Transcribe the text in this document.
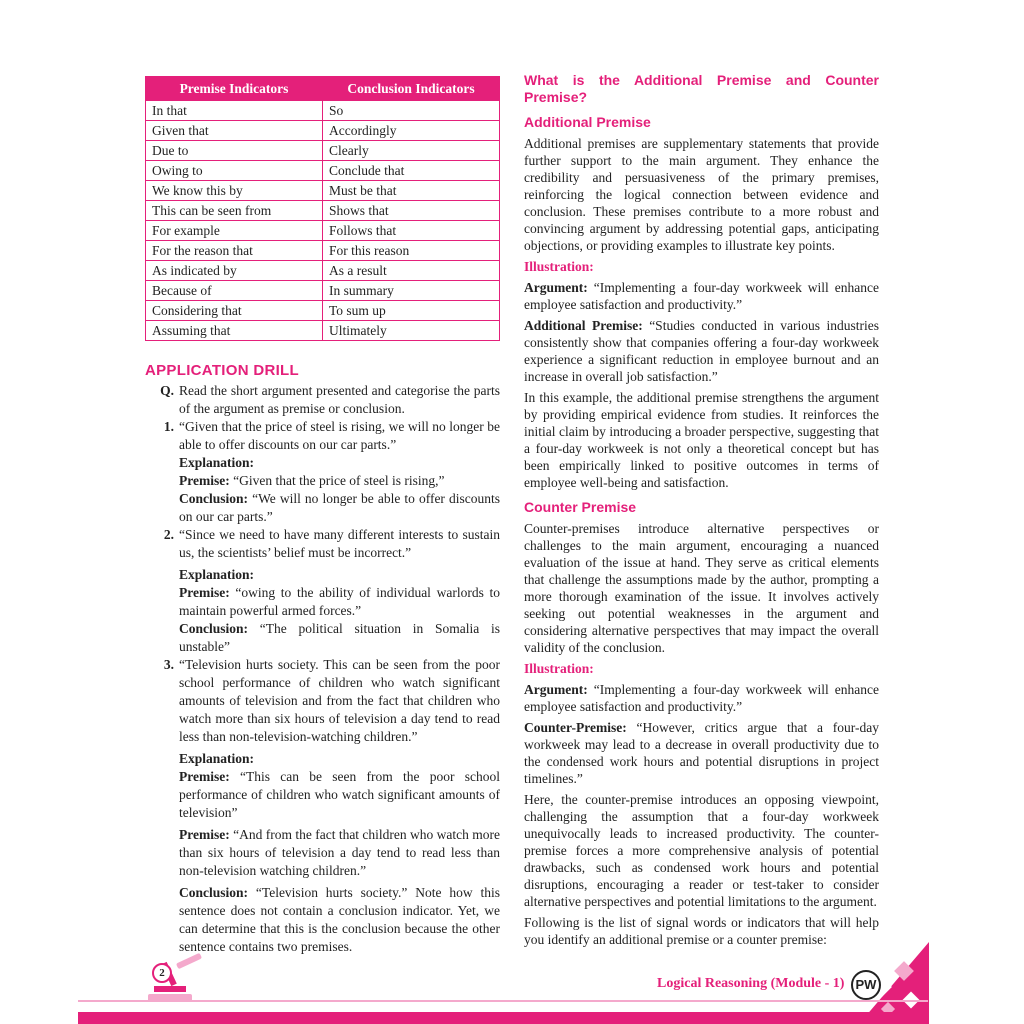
Premise Indicators	Conclusion Indicators
In that	So
Given that	Accordingly
Due to	Clearly
Owing to	Conclude that
We know this by	Must be that
This can be seen from	Shows that
For example	Follows that
For the reason that	For this reason
As indicated by	As a result
Because of	In summary
Considering that	To sum up
Assuming that	Ultimately
APPLICATION DRILL
Q. Read the short argument presented and categorise the parts of the argument as premise or conclusion.
1. “Given that the price of steel is rising, we will no longer be able to offer discounts on our car parts.”
Explanation:
Premise: “Given that the price of steel is rising,”
Conclusion: “We will no longer be able to offer discounts on our car parts.”
2. “Since we need to have many different interests to sustain us, the scientists’ belief must be incorrect.”
Explanation:
Premise: “owing to the ability of individual warlords to maintain powerful armed forces.”
Conclusion: “The political situation in Somalia is unstable”
3. “Television hurts society. This can be seen from the poor school performance of children who watch significant amounts of television and from the fact that children who watch more than six hours of television a day tend to read less than non-television-watching children.”
Explanation:
Premise: “This can be seen from the poor school performance of children who watch significant amounts of television”
Premise: “And from the fact that children who watch more than six hours of television a day tend to read less than non-television watching children.”
Conclusion: “Television hurts society.” Note how this sentence does not contain a conclusion indicator. Yet, we can determine that this is the conclusion because the other sentence contains two premises.
What is the Additional Premise and Counter Premise?
Additional Premise

Additional premises are supplementary statements that provide further support to the main argument. They enhance the credibility and persuasiveness of the primary premises, reinforcing the logical connection between evidence and conclusion. These premises contribute to a more robust and convincing argument by addressing potential gaps, anticipating objections, or providing examples to illustrate key points.

Illustration:

Argument: “Implementing a four-day workweek will enhance employee satisfaction and productivity.”

Additional Premise: “Studies conducted in various industries consistently show that companies offering a four-day workweek experience a significant reduction in employee burnout and an increase in overall job satisfaction.”

In this example, the additional premise strengthens the argument by providing empirical evidence from studies. It reinforces the initial claim by introducing a broader perspective, suggesting that a four-day workweek is not only a theoretical concept but has been empirically linked to positive outcomes in terms of employee well-being and satisfaction.

Counter Premise

Counter-premises introduce alternative perspectives or challenges to the main argument, encouraging a nuanced evaluation of the issue at hand. They serve as critical elements that challenge the assumptions made by the author, prompting a more thorough examination of the issue. It involves actively seeking out potential weaknesses in the argument and considering alternative perspectives that may impact the overall validity of the conclusion.

Illustration:

Argument: “Implementing a four-day workweek will enhance employee satisfaction and productivity.”

Counter-Premise: “However, critics argue that a four-day workweek may lead to a decrease in overall productivity due to the condensed work hours and potential disruptions in project timelines.”

Here, the counter-premise introduces an opposing viewpoint, challenging the assumption that a four-day workweek unequivocally leads to increased productivity. The counter-premise forces a more comprehensive analysis of potential drawbacks, such as condensed work hours and potential disruptions, encouraging a reader or test-taker to consider alternative perspectives and potential limitations to the argument.

Following is the list of signal words or indicators that will help you identify an additional premise or a counter premise:

2
Logical Reasoning (Module - 1) PW
